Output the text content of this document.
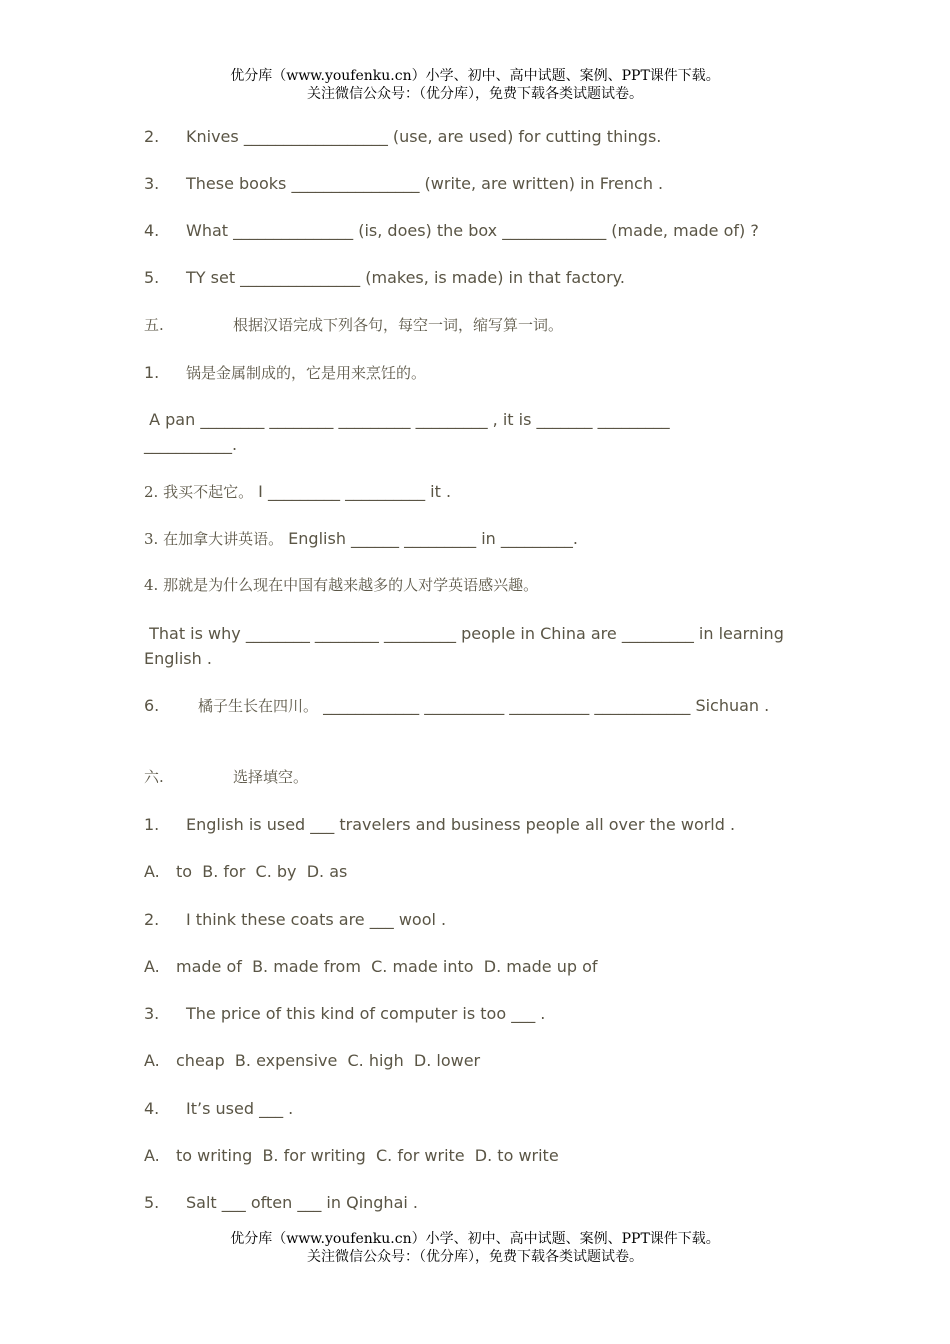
优分库（www.youfenku.cn）小学、初中、高中试题、案例、PPT课件下载。
关注微信公众号：（优分库），免费下载各类试题试卷。
2. Knives __________________ (use, are used) for cutting things.
3. These books ________________ (write, are written) in French .
4. What _______________ (is, does) the box _____________ (made, made of) ?
5. TY set _______________ (makes, is made) in that factory.
五.	根据汉语完成下列各句，每空一词，缩写算一词。
1. 锅是金属制成的，它是用来烹饪的。
A pan ________ ________ _________ _________ , it is _______ _________ ___________.
2. 我买不起它。 I _________ __________ it .
3. 在加拿大讲英语。 English ______ _________ in _________.
4. 那就是为什么现在中国有越来越多的人对学英语感兴趣。
That is why ________ ________ _________ people in China are _________ in learning English .
6.	橘子生长在四川。 ____________ __________ __________ ____________ Sichuan .
六.	选择填空。
1. English is used ___ travelers and business people all over the world .
A. to  B. for  C. by  D. as
2. I think these coats are ___ wool .
A. made of  B. made from  C. made into  D. made up of
3. The price of this kind of computer is too ___ .
A. cheap  B. expensive  C. high  D. lower
4. It’s used ___ .
A. to writing  B. for writing  C. for write  D. to write
5. Salt ___ often ___ in Qinghai .
优分库（www.youfenku.cn）小学、初中、高中试题、案例、PPT课件下载。
关注微信公众号：（优分库），免费下载各类试题试卷。
